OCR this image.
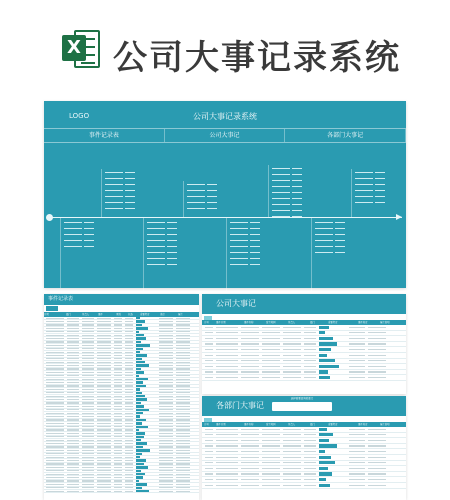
X 公司大事记录系统
LOGO	公司大事记录系统
事件记录表	公司大事记	各部门大事记
事件记录表
日期	部门	负责人	事件	类别	状态	重要程度	进度	备注
公司大事记
序号	事件日期	事件名称	发生时间	负责人	部门	重要程度	事件进度	备注说明
各部门大事记
选择需要查询的部门
序号	事件日期	事件名称	发生时间	负责人	部门	重要程度	事件进度	备注说明
